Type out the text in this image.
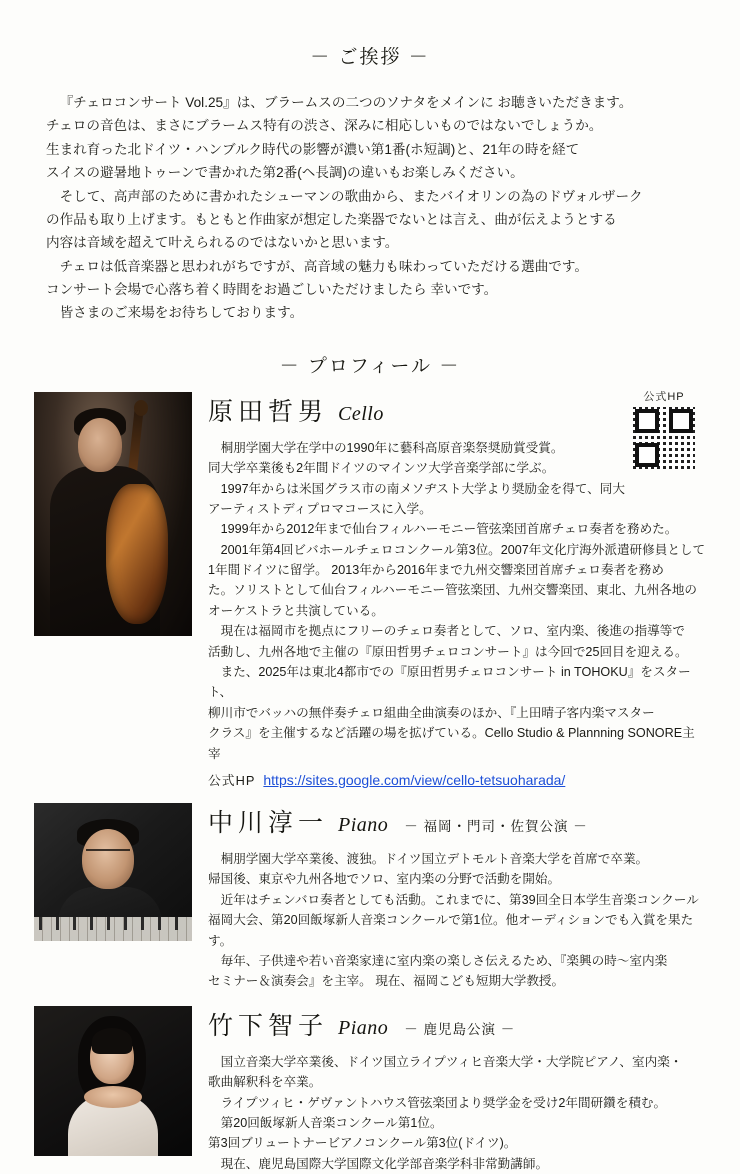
－ ご挨拶 －

『チェロコンサート Vol.25』は、ブラームスの二つのソナタをメインに お聴きいただきます。

チェロの音色は、まさにブラームス特有の渋さ、深みに相応しいものではないでしょうか。

生まれ育った北ドイツ・ハンブルク時代の影響が濃い第1番(ホ短調)と、21年の時を経て

スイスの避暑地トゥーンで書かれた第2番(ヘ長調)の違いもお楽しみください。

　そして、高声部のために書かれたシューマンの歌曲から、またバイオリンの為のドヴォルザーク

の作品も取り上げます。もともと作曲家が想定した楽器でないとは言え、曲が伝えようとする

内容は音域を超えて叶えられるのではないかと思います。

　チェロは低音楽器と思われがちですが、高音域の魅力も味わっていただける選曲です。

コンサート会場で心落ち着く時間をお過ごしいただけましたら 幸いです。

　皆さまのご来場をお待ちしております。

－ プロフィール －
公式HP
原田哲男 Cello

　桐朋学園大学在学中の1990年に藝科高原音楽祭奨励賞受賞。

同大学卒業後も2年間ドイツのマインツ大学音楽学部に学ぶ。

　1997年からは米国グラス市の南メソヂスト大学より奨励金を得て、同大

アーティストディプロマコースに入学。

　1999年から2012年まで仙台フィルハーモニー管弦楽団首席チェロ奏者を務めた。

　2001年第4回ビバホールチェロコンクール第3位。2007年文化庁海外派遣研修員として

1年間ドイツに留学。 2013年から2016年まで九州交響楽団首席チェロ奏者を務め

た。ソリストとして仙台フィルハーモニー管弦楽団、九州交響楽団、東北、九州各地の

オーケストラと共演している。

　現在は福岡市を拠点にフリーのチェロ奏者として、ソロ、室内楽、後進の指導等で

活動し、九州各地で主催の『原田哲男チェロコンサート』は今回で25回目を迎える。

　また、2025年は東北4都市での『原田哲男チェロコンサート in TOHOKU』をスタート、

柳川市でバッハの無伴奏チェロ組曲全曲演奏のほか、『上田晴子客内楽マスター

クラス』を主催するなど活躍の場を拡げている。Cello Studio & Plannning SONORE主宰

公式HP https://sites.google.com/view/cello-tetsuoharada/
中川淳一 Piano － 福岡・門司・佐賀公演 －

　桐朋学園大学卒業後、渡独。ドイツ国立デトモルト音楽大学を首席で卒業。

帰国後、東京や九州各地でソロ、室内楽の分野で活動を開始。

　近年はチェンバロ奏者としても活動。これまでに、第39回全日本学生音楽コンクール

福岡大会、第20回飯塚新人音楽コンクールで第1位。他オーディションでも入賞を果たす。

　毎年、子供達や若い音楽家達に室内楽の楽しさ伝えるため、『楽興の時〜室内楽

セミナー＆演奏会』を主宰。 現在、福岡こども短期大学教授。

竹下智子 Piano － 鹿児島公演 －

　国立音楽大学卒業後、ドイツ国立ライプツィヒ音楽大学・大学院ピアノ、室内楽・

歌曲解釈科を卒業。

　ライプツィヒ・ゲヴァントハウス管弦楽団より奨学金を受け2年間研鑽を積む。

　第20回飯塚新人音楽コンクール第1位。

第3回ブリュートナービアノコンクール第3位(ドイツ)。

　現在、鹿児島国際大学国際文化学部音楽学科非常勤講師。
